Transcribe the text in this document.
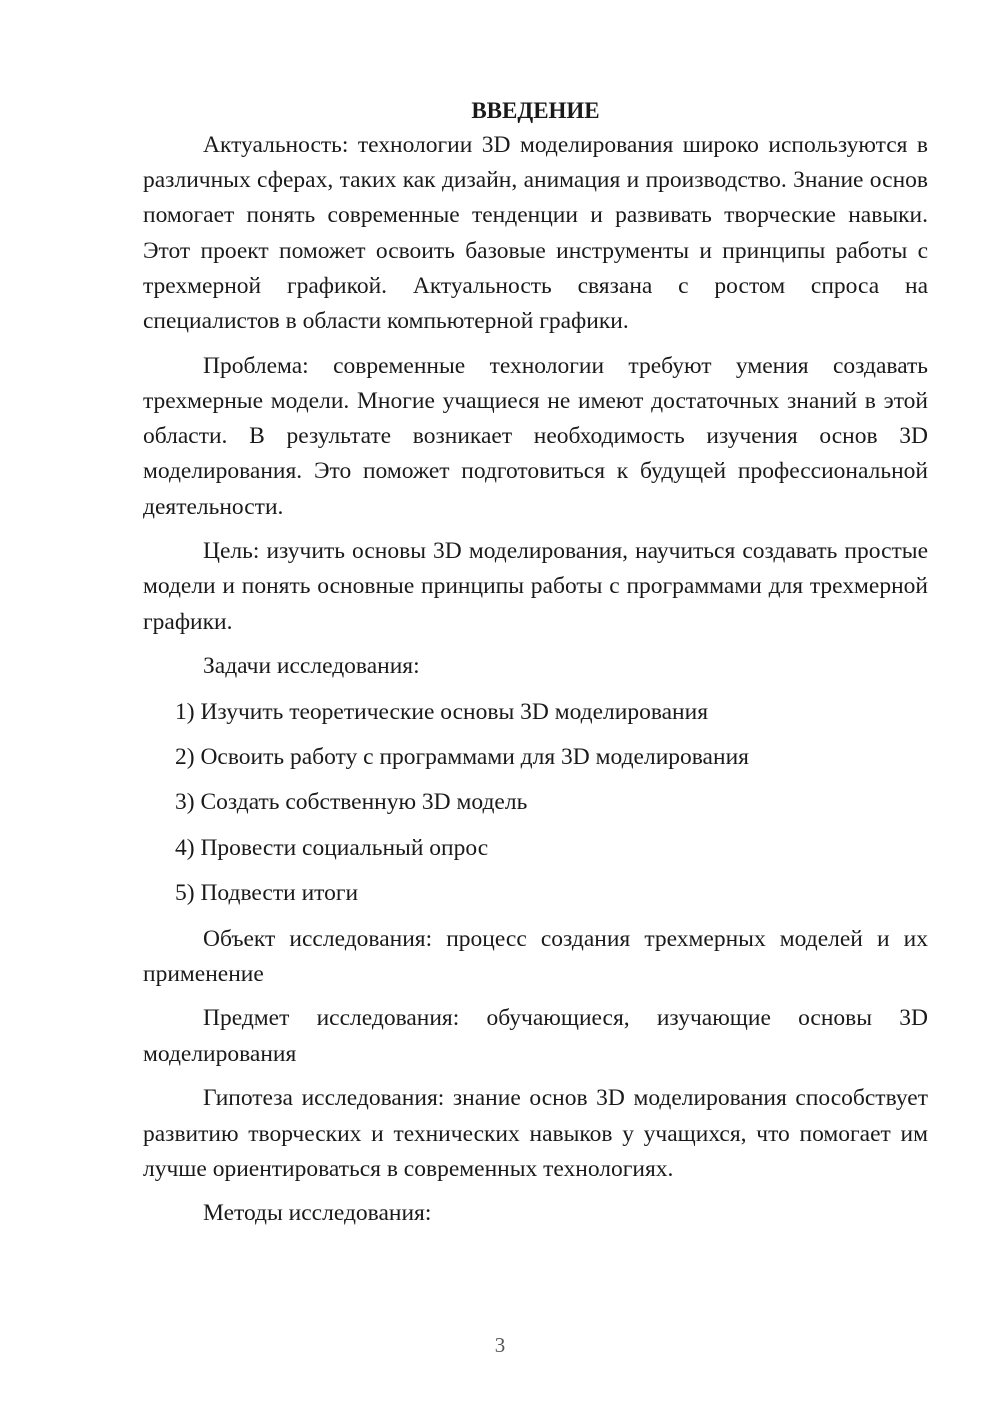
ВВЕДЕНИЕ

Актуальность: технологии 3D моделирования широко используются в различных сферах, таких как дизайн, анимация и производство. Знание основ помогает понять современные тенденции и развивать творческие навыки. Этот проект поможет освоить базовые инструменты и принципы работы с трехмерной графикой. Актуальность связана с ростом спроса на специалистов в области компьютерной графики.

Проблема: современные технологии требуют умения создавать трехмерные модели. Многие учащиеся не имеют достаточных знаний в этой области. В результате возникает необходимость изучения основ 3D моделирования. Это поможет подготовиться к будущей профессиональной деятельности.

Цель: изучить основы 3D моделирования, научиться создавать простые модели и понять основные принципы работы с программами для трехмерной графики.

Задачи исследования:

1) Изучить теоретические основы 3D моделирования

2) Освоить работу с программами для 3D моделирования

3) Создать собственную 3D модель

4) Провести социальный опрос

5) Подвести итоги

Объект исследования: процесс создания трехмерных моделей и их применение

Предмет исследования: обучающиеся, изучающие основы 3D моделирования

Гипотеза исследования: знание основ 3D моделирования способствует развитию творческих и технических навыков у учащихся, что помогает им лучше ориентироваться в современных технологиях.

Методы исследования:

3
